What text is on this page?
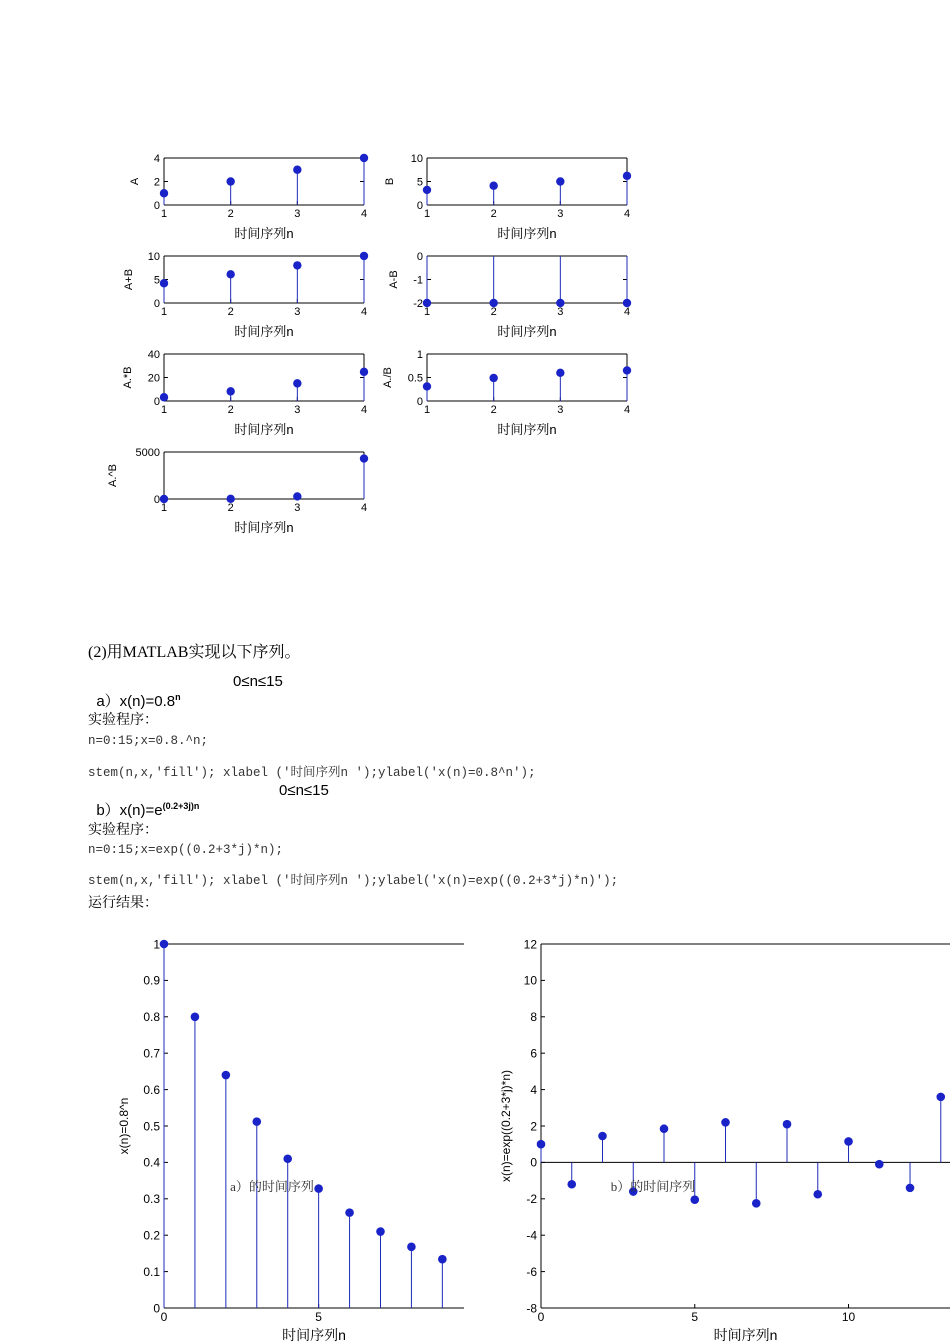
0
2
4
1	2	3	4
A
时间序列n
0
5
10
1	2	3	4
B
时间序列n
0
5
10
1	2	3	4
A+B
时间序列n
-2
-1
0
1	2	3	4
A-B
时间序列n
0
20
40
1	2	3	4
A.*B
时间序列n
0
0.5
1
1	2	3	4
A./B
时间序列n
0
5000
1	2	3	4
A.^B
时间序列n
0
0.1
0.2
0.3
0.4
0.5
0.6
0.7
0.8
0.9
1
0	5
x(n)=0.8^n
时间序列n
a）的时间序列
-8
-6
-4
-2
0
2
4
6
8
10
12
0	5	10
x(n)=exp((0.2+3*j)*n)
时间序列n
b）的时间序列
(2)用MATLAB实现以下序列。

$a)x(n)=0.8^n$

0≤n≤15
实验程序：
n=0:15;x=0.8.^n;
stem(n,x,'fill'); xlabel ('时间序列n ');ylabel('x(n)=0.8^n');

$b)x(n)=e^{(0.2+3j)n}$

0≤n≤15
实验程序：
n=0:15;x=exp((0.2+3*j)*n);
stem(n,x,'fill'); xlabel ('时间序列n ');ylabel('x(n)=exp((0.2+3*j)*n)');
运行结果：
